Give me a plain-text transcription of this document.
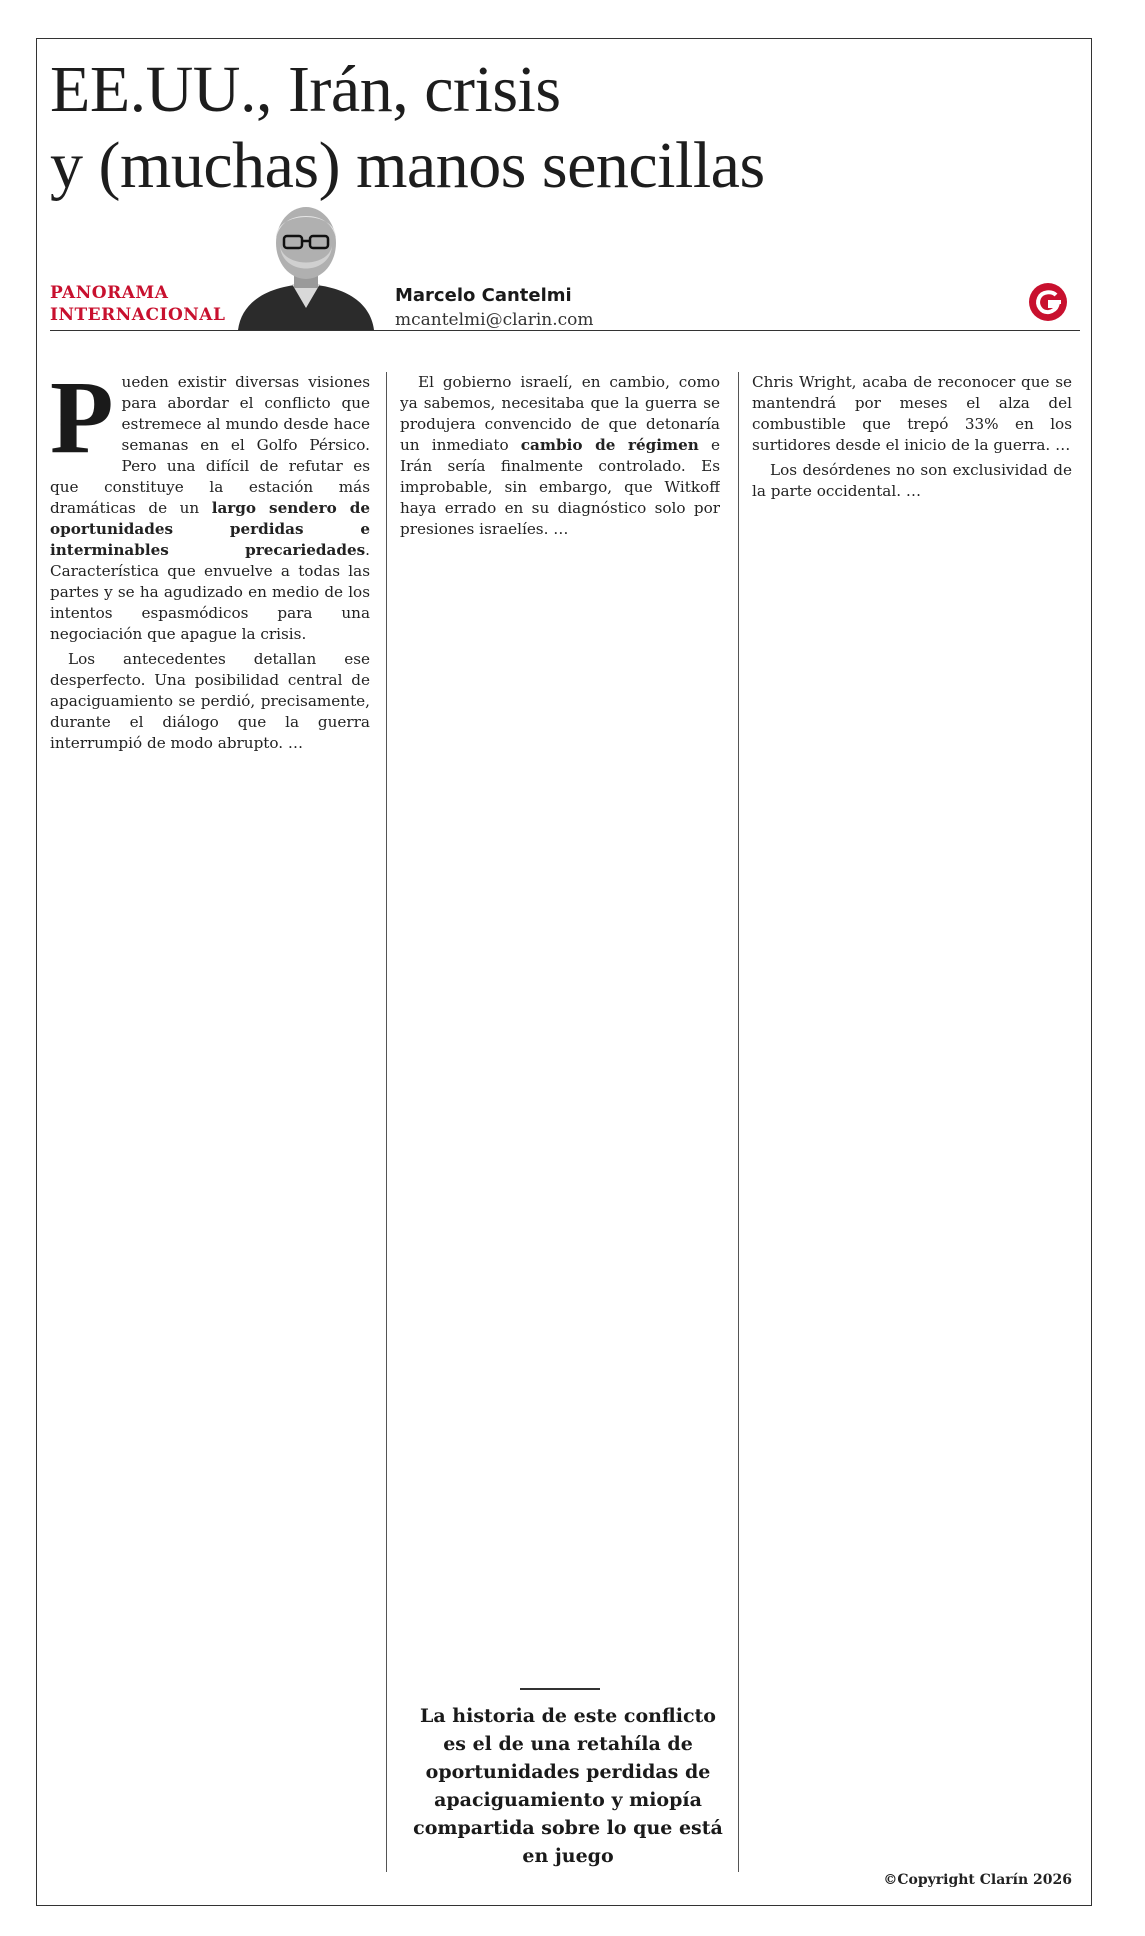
EE.UU., Irán, crisis
y (muchas) manos sencillas
PANORAMA
INTERNACIONAL
Marcelo Cantelmi
mcantelmi@clarin.com

Pueden existir diversas visiones para abordar el conflicto que estremece al mundo desde hace semanas en el Golfo Pérsico. Pero una difícil de refutar es que constituye la estación más dramáticas de un largo sendero de oportunidades perdidas e interminables precariedades. Característica que envuelve a todas las partes y se ha agudizado en medio de los intentos espasmódicos para una negociación que apague la crisis.

Los antecedentes detallan ese desperfecto. Una posibilidad central de apaciguamiento se perdió, precisamente, durante el diálogo que la guerra interrumpió de modo abrupto. …

El gobierno israelí, en cambio, como ya sabemos, necesitaba que la guerra se produjera convencido de que detonaría un inmediato cambio de régimen e Irán sería finalmente controlado. Es improbable, sin embargo, que Witkoff haya errado en su diagnóstico solo por presiones israelíes. …

Chris Wright, acaba de reconocer que se mantendrá por meses el alza del combustible que trepó 33% en los surtidores desde el inicio de la guerra. …

Los desórdenes no son exclusividad de la parte occidental. …

La historia de este conflicto es el de una retahíla de oportunidades perdidas de apaciguamiento y miopía compartida sobre lo que está en juego

©Copyright Clarín 2026
